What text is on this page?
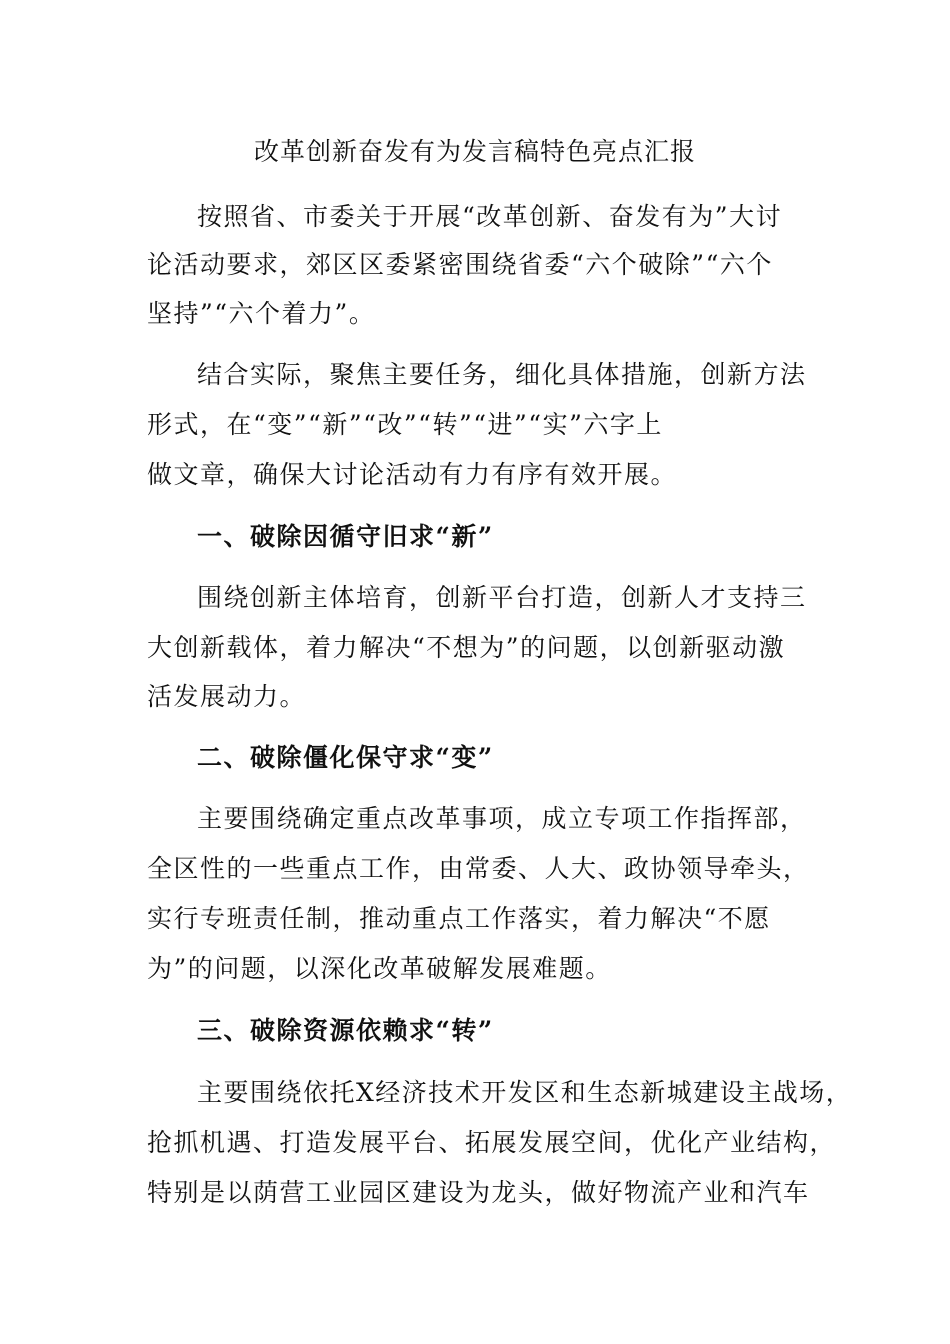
改革创新奋发有为发言稿特色亮点汇报
按照省、市委关于开展“改革创新、奋发有为”大讨
论活动要求，郊区区委紧密围绕省委“六个破除”“六个
坚持”“六个着力”。
结合实际，聚焦主要任务，细化具体措施，创新方法
形式，在“变”“新”“改”“转”“进”“实”六字上
做文章，确保大讨论活动有力有序有效开展。
一、破除因循守旧求“新”
围绕创新主体培育，创新平台打造，创新人才支持三
大创新载体，着力解决“不想为”的问题，以创新驱动激
活发展动力。
二、破除僵化保守求“变”
主要围绕确定重点改革事项，成立专项工作指挥部，
全区性的一些重点工作，由常委、人大、政协领导牵头，
实行专班责任制，推动重点工作落实，着力解决“不愿
为”的问题，以深化改革破解发展难题。
三、破除资源依赖求“转”
主要围绕依托X经济技术开发区和生态新城建设主战场，
抢抓机遇、打造发展平台、拓展发展空间，优化产业结构，
特别是以荫营工业园区建设为龙头，做好物流产业和汽车
